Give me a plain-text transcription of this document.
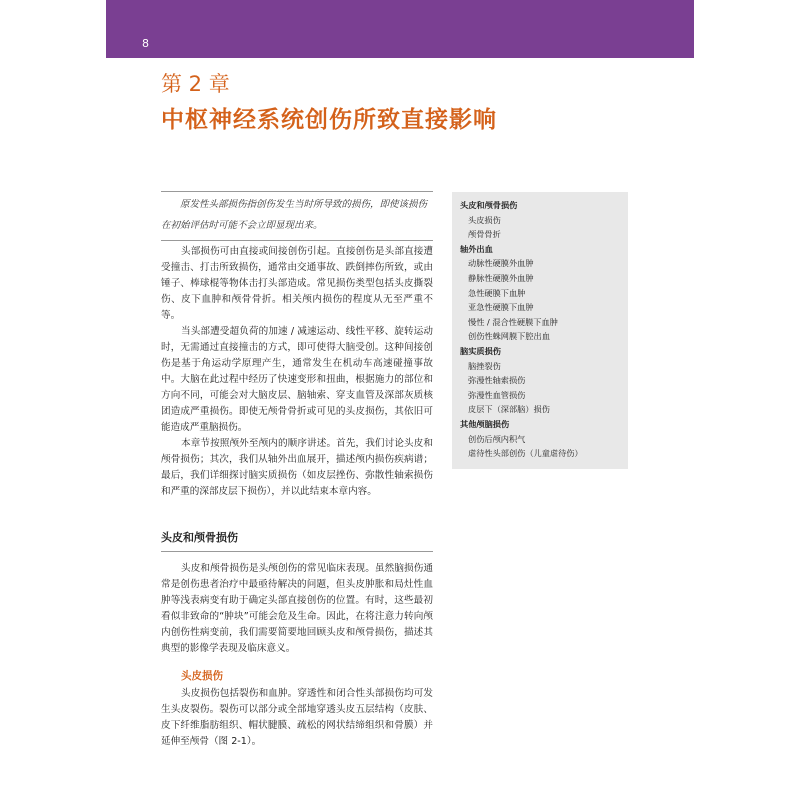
8
第 2 章
中枢神经系统创伤所致直接影响

原发性头部损伤指创伤发生当时所导致的损伤，即使该损伤在初始评估时可能不会立即显现出来。

头部损伤可由直接或间接创伤引起。直接创伤是头部直接遭受撞击、打击所致损伤，通常由交通事故、跌倒摔伤所致，或由锤子、棒球棍等物体击打头部造成。常见损伤类型包括头皮撕裂伤、皮下血肿和颅骨骨折。相关颅内损伤的程度从无至严重不等。

当头部遭受超负荷的加速 / 减速运动、线性平移、旋转运动时，无需通过直接撞击的方式，即可使得大脑受创。这种间接创伤是基于角运动学原理产生，通常发生在机动车高速碰撞事故中。大脑在此过程中经历了快速变形和扭曲，根据施力的部位和方向不同，可能会对大脑皮层、脑轴索、穿支血管及深部灰质核团造成严重损伤。即使无颅骨骨折或可见的头皮损伤，其依旧可能造成严重脑损伤。

本章节按照颅外至颅内的顺序讲述。首先，我们讨论头皮和颅骨损伤；其次，我们从轴外出血展开，描述颅内损伤疾病谱；最后，我们详细探讨脑实质损伤（如皮层挫伤、弥散性轴索损伤和严重的深部皮层下损伤），并以此结束本章内容。

头皮和颅骨损伤

头皮和颅骨损伤是头颅创伤的常见临床表现。虽然脑损伤通常是创伤患者治疗中最亟待解决的问题，但头皮肿胀和局灶性血肿等浅表病变有助于确定头部直接创伤的位置。有时，这些最初看似非致命的“肿块”可能会危及生命。因此，在将注意力转向颅内创伤性病变前，我们需要简要地回顾头皮和颅骨损伤，描述其典型的影像学表现及临床意义。

头皮损伤

头皮损伤包括裂伤和血肿。穿透性和闭合性头部损伤均可发生头皮裂伤。裂伤可以部分或全部地穿透头皮五层结构（皮肤、皮下纤维脂肪组织、帽状腱膜、疏松的网状结缔组织和骨膜）并延伸至颅骨（图 2-1）。

头皮和颅骨损伤
头皮损伤
颅骨骨折
轴外出血
动脉性硬膜外血肿
静脉性硬膜外血肿
急性硬膜下血肿
亚急性硬膜下血肿
慢性 / 混合性硬膜下血肿
创伤性蛛网膜下腔出血
脑实质损伤
脑挫裂伤
弥漫性轴索损伤
弥漫性血管损伤
皮层下（深部脑）损伤
其他颅脑损伤
创伤后颅内积气
虐待性头部创伤（儿童虐待伤）
